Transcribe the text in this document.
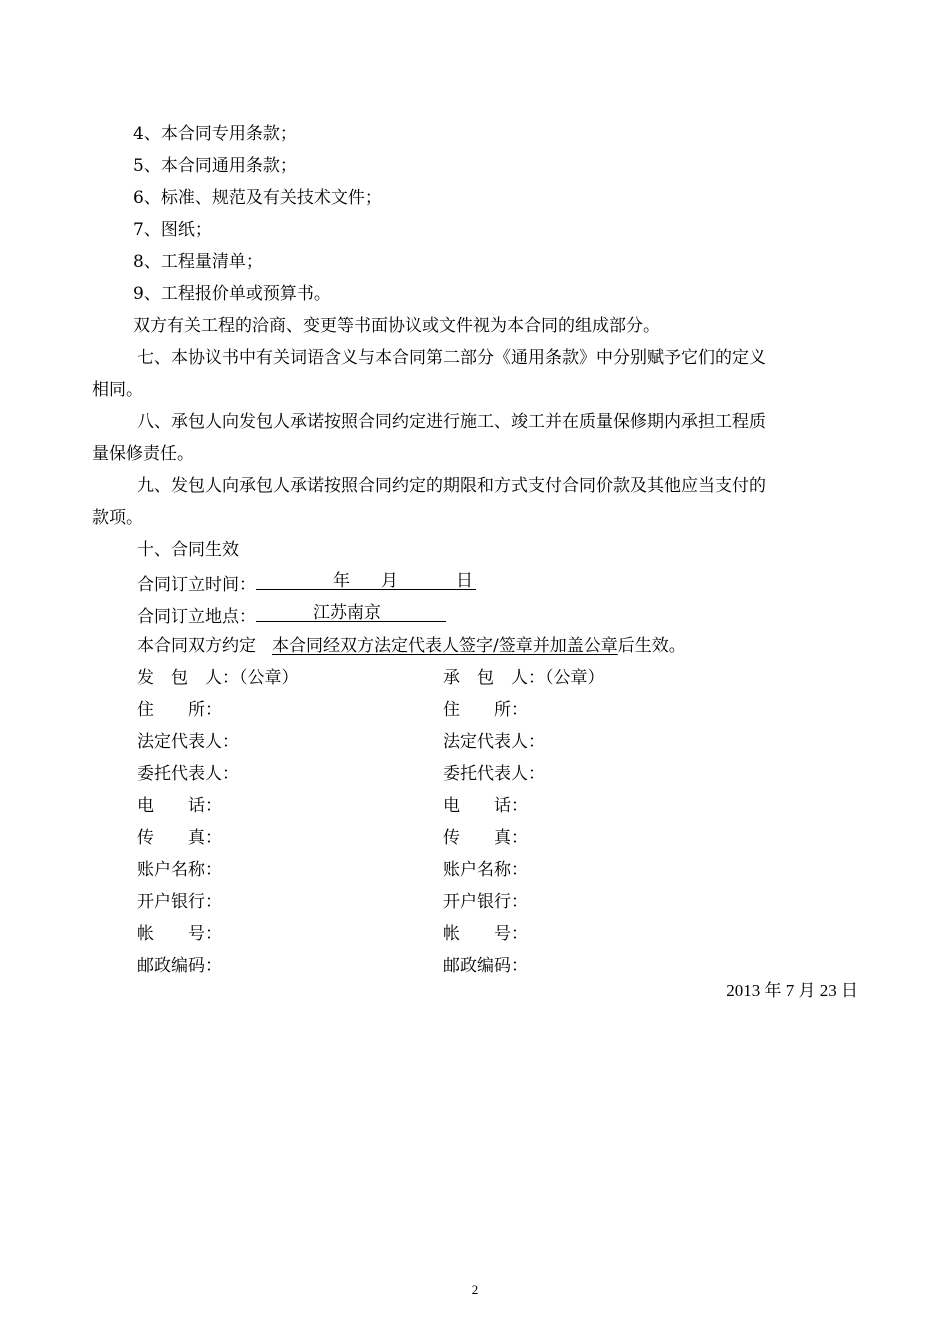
4、本合同专用条款；
5、本合同通用条款；
6、标准、规范及有关技术文件；
7、图纸；
8、工程量清单；
9、工程报价单或预算书。
双方有关工程的洽商、变更等书面协议或文件视为本合同的组成部分。
七、本协议书中有关词语含义与本合同第二部分《通用条款》中分别赋予它们的定义
相同。
八、承包人向发包人承诺按照合同约定进行施工、竣工并在质量保修期内承担工程质
量保修责任。
九、发包人向承包人承诺按照合同约定的期限和方式支付合同价款及其他应当支付的
款项。
十、合同生效
合同订立时间：	年 月	日
合同订立地点：	江苏南京
本合同双方约定 本合同经双方法定代表人签字/签章并加盖公章后生效。
发　包　人：（公章）	承　包　人：（公章）
住　　所：	住　　所：
法定代表人：	法定代表人：
委托代表人：	委托代表人：
电　　话：	电　　话：
传　　真：	传　　真：
账户名称：	账户名称：
开户银行：	开户银行：
帐　　号：	帐　　号：
邮政编码：	邮政编码：
2013 年 7 月 23 日
2
